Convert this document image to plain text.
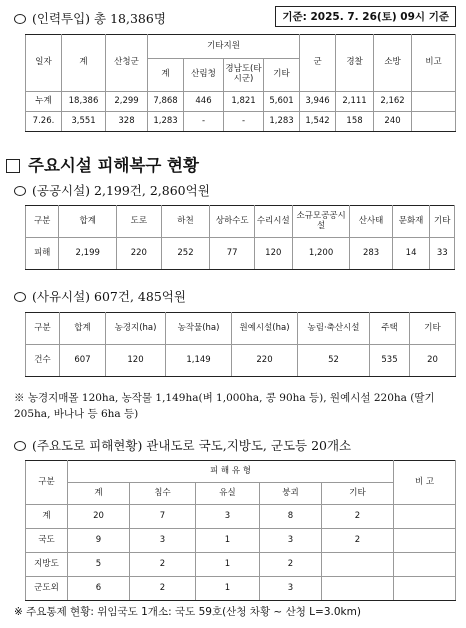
(인력투입) 총 18,386명	기준: 2025. 7. 26(토) 09시 기준
일자	계	산청군	기타지원				군	경찰	소방	비고
			계	산림청	경남도(타시군)	기타				
누계	18,386	2,299	7,868	446	1,821	5,601	3,946	2,111	2,162	
7.26.	3,551	328	1,283	-	-	1,283	1,542	158	240	
주요시설 피해복구 현황
(공공시설) 2,199건, 2,860억원
구분	합계	도로	하천	상하수도	수리시설	소규모공공시설	산사태	문화재	기타
피해	2,199	220	252	77	120	1,200	283	14	33
(사유시설) 607건, 485억원
구분	합계	농경지(ha)	농작물(ha)	원예시설(ha)	농림·축산시설	주택	기타
건수	607	120	1,149	220	52	535	20
※ 농경지매몰 120ha, 농작물 1,149ha(벼 1,000ha, 콩 90ha 등), 원예시설 220ha (딸기 205ha, 바나나 등 6ha 등)
(주요도로 피해현황) 관내도로 국도,지방도, 군도등 20개소
구분	피 해 유 형					비 고
	계	침수	유실	붕괴	기타	
계	20	7	3	8	2	
국도	9	3	1	3	2	
지방도	5	2	1	2		
군도외	6	2	1	3		
※ 주요통제 현황: 위임국도 1개소: 국도 59호(산청 차황 ~ 산청 L=3.0km)
